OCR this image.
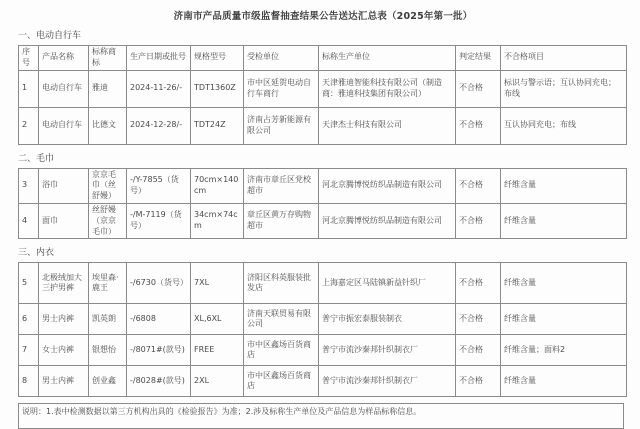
济南市产品质量市级监督抽查结果公告送达汇总表（2025年第一批）
一、电动自行车
序号	产品名称	标称商标	生产日期或批号	规格型号	受检单位	标称生产单位	判定结果	不合格项目
1	电动自行车	雅迪	2024-11-26/-	TDT1360Z	市中区延贺电动自行车商行	天津雅迪智能科技有限公司（制造商：雅迪科技集团有限公司）	不合格	标识与警示语；互认协同充电；布线
2	电动自行车	比德文	2024-12-28/-	TDT24Z	济南占芳新能源有限公司	天津杰士科技有限公司	不合格	互认协同充电；布线
二、毛巾
3	浴巾	京京毛巾（丝舒嫚）	-/Y-7855（货号）	70cm×140cm	济南市章丘区党校超市	河北京腾博悦纺织品制造有限公司	不合格	纤维含量
4	面巾	丝舒嫚（京京毛巾）	-/M-7119（货号）	34cm×74cm	章丘区黄万存购物超市	河北京腾博悦纺织品制造有限公司	不合格	纤维含量
三、内衣
5	北极绒加大三护男裤	埃里森·鹿王	-/6730（货号）	7XL	济阳区科英服装批发店	上海嘉定区马陆镇新益针织厂	不合格	纤维含量
6	男士内裤	凯英朗	-/6808	XL,6XL	济南天联贸易有限公司	普宁市振宏泰服装制衣	不合格	纤维含量
7	女士内裤	银想怡	-/8071#(款号)	FREE	市中区鑫场百货商店	普宁市流沙秦邦针织制衣厂	不合格	纤维含量；面料2
8	男士内裤	创业鑫	-/8028#(款号)	2XL	市中区鑫场百货商店	普宁市流沙秦邦针织制衣厂	不合格	纤维含量
说明：1.表中检测数据以第三方机构出具的《检验报告》为准；2.涉及标称生产单位及产品信息为样品标称信息。
